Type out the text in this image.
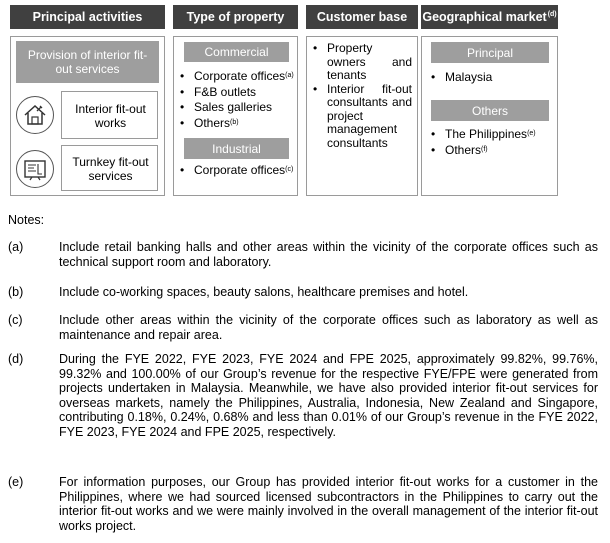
Principal activities	Type of property	Customer base Geographical market$^{(d)}$
Provision of interior fit-out services
Interior fit-out works
Turnkey fit-out services
Commercial
• Corporate offices$^{(a)}$
• F&B outlets
• Sales galleries
• Others$^{(b)}$
Industrial
• Corporate offices$^{(c)}$
• Property owners and tenants
• Interior fit-out consultants and project management consultants
Principal
• Malaysia
Others
• The Philippines$^{(e)}$
• Others$^{(f)}$
Notes:
(a)	Include retail banking halls and other areas within the vicinity of the corporate offices such as technical support room and laboratory.
(b)	Include co-working spaces, beauty salons, healthcare premises and hotel.
(c)	Include other areas within the vicinity of the corporate offices such as laboratory as well as maintenance and repair area.
(d)	During the FYE 2022, FYE 2023, FYE 2024 and FPE 2025, approximately 99.82%, 99.76%, 99.32% and 100.00% of our Group’s revenue for the respective FYE/FPE were generated from projects undertaken in Malaysia. Meanwhile, we have also provided interior fit-out services for overseas markets, namely the Philippines, Australia, Indonesia, New Zealand and Singapore, contributing 0.18%, 0.24%, 0.68% and less than 0.01% of our Group’s revenue in the FYE 2022, FYE 2023, FYE 2024 and FPE 2025, respectively.
(e)	For information purposes, our Group has provided interior fit-out works for a customer in the Philippines, where we had sourced licensed subcontractors in the Philippines to carry out the interior fit-out works and we were mainly involved in the overall management of the interior fit-out works project.
